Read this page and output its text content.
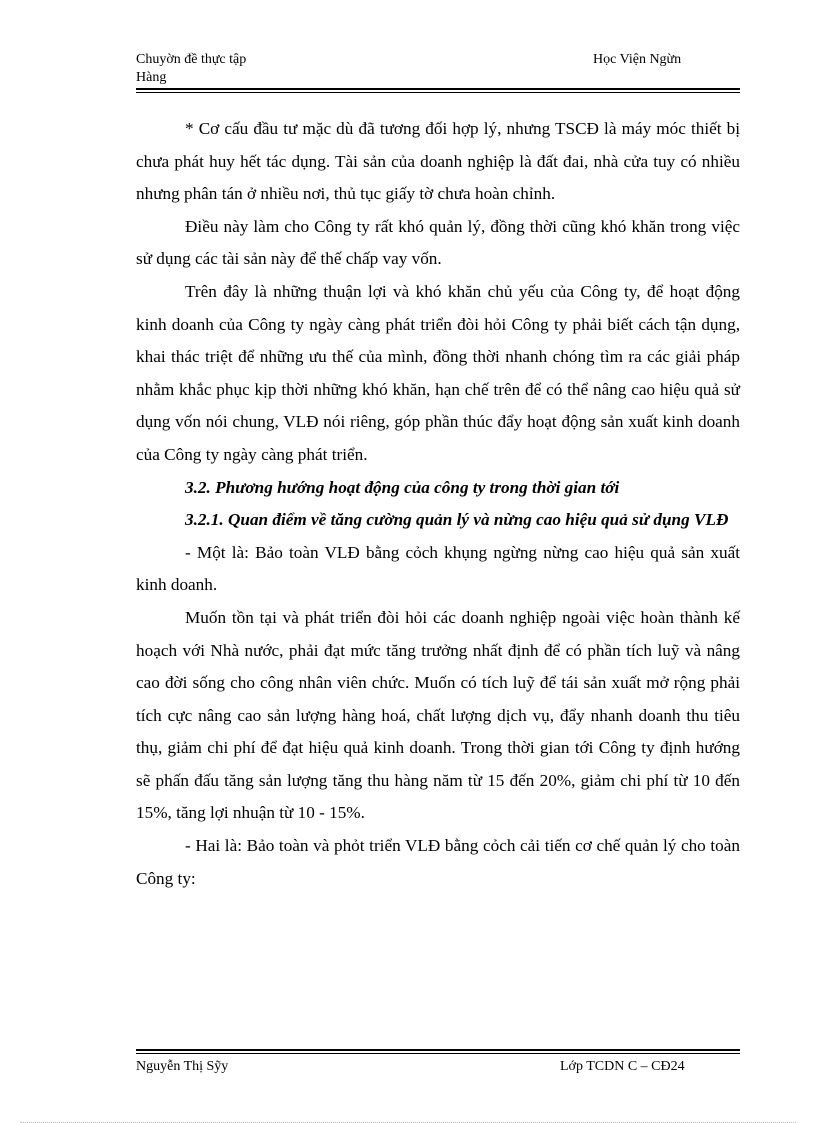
Chuyờn đề thực tập
Hàng
Học Viện Ngừn

* Cơ cấu đầu tư mặc dù đã tương đối hợp lý, nhưng TSCĐ là máy móc thiết bị chưa phát huy hết tác dụng. Tài sản của doanh nghiệp là đất đai, nhà cửa tuy có nhiều nhưng phân tán ở nhiều nơi, thủ tục giấy tờ chưa hoàn chỉnh.

Điều này làm cho Công ty rất khó quản lý, đồng thời cũng khó khăn trong việc sử dụng các tài sản này để thế chấp vay vốn.

Trên đây là những thuận lợi và khó khăn chủ yếu của Công ty, để hoạt động kinh doanh của Công ty ngày càng phát triển đòi hỏi Công ty phải biết cách tận dụng, khai thác triệt để những ưu thế của mình, đồng thời nhanh chóng tìm ra các giải pháp nhằm khắc phục kịp thời những khó khăn, hạn chế trên để có thể nâng cao hiệu quả sử dụng vốn nói chung, VLĐ nói riêng, góp phần thúc đẩy hoạt động sản xuất kinh doanh của Công ty ngày càng phát triển.

3.2. Phương hướng hoạt động của công ty trong thời gian tới

3.2.1. Quan điểm về tăng cường quản lý và nừng cao hiệu quả sử dụng VLĐ

- Một là: Bảo toàn VLĐ bằng cỏch khụng ngừng nừng cao hiệu quả sản xuất kinh doanh.

Muốn tồn tại và phát triển đòi hỏi các doanh nghiệp ngoài việc hoàn thành kế hoạch với Nhà nước, phải đạt mức tăng trưởng nhất định để có phần tích luỹ và nâng cao đời sống cho công nhân viên chức. Muốn có tích luỹ để tái sản xuất mở rộng phải tích cực nâng cao sản lượng hàng hoá, chất lượng dịch vụ, đẩy nhanh doanh thu tiêu thụ, giảm chi phí để đạt hiệu quả kinh doanh. Trong thời gian tới Công ty định hướng sẽ phấn đấu tăng sản lượng tăng thu hàng năm từ 15 đến 20%, giảm chi phí từ 10 đến 15%, tăng lợi nhuận từ 10 - 15%.

- Hai là: Bảo toàn và phỏt triển VLĐ bằng cỏch cải tiến cơ chế quản lý cho toàn Công ty:

Nguyễn Thị Sỹy	Lớp TCDN C – CĐ24
